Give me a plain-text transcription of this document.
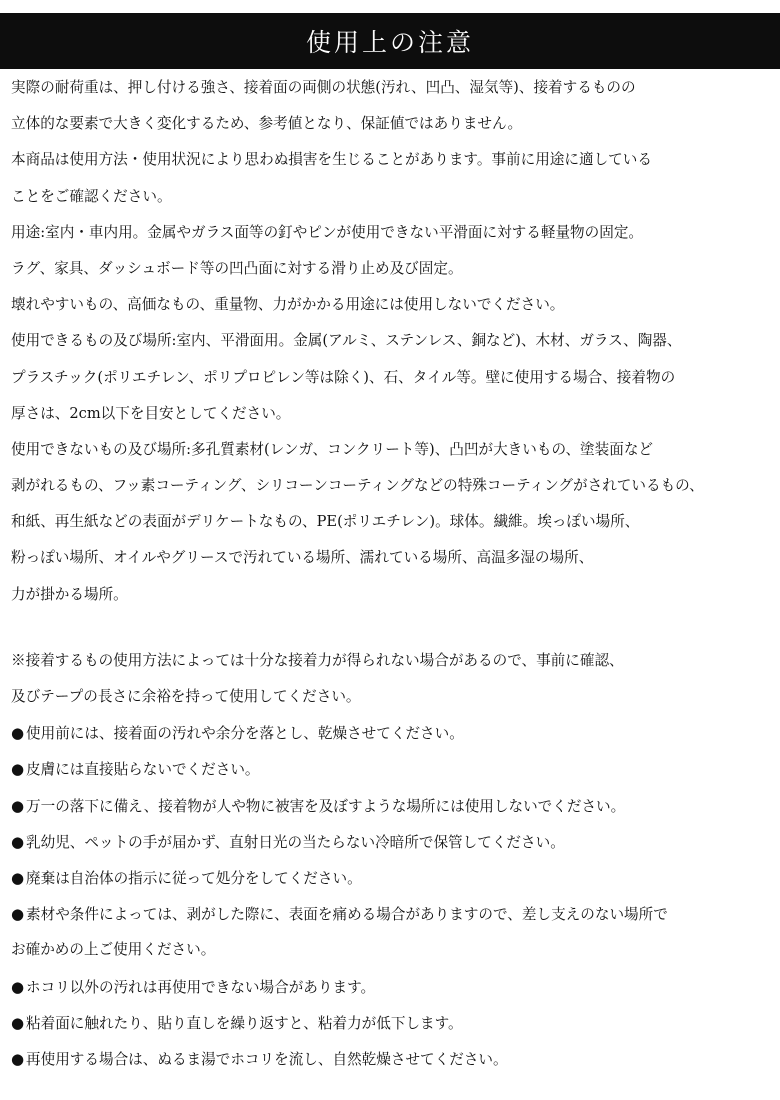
使用上の注意
実際の耐荷重は、押し付ける強さ、接着面の両側の状態(汚れ、凹凸、湿気等)、接着するものの
立体的な要素で大きく変化するため、参考値となり、保証値ではありません。
本商品は使用方法・使用状況により思わぬ損害を生じることがあります。事前に用途に適している
ことをご確認ください。
用途:室内・車内用。金属やガラス面等の釘やピンが使用できない平滑面に対する軽量物の固定。
ラグ、家具、ダッシュボード等の凹凸面に対する滑り止め及び固定。
壊れやすいもの、高価なもの、重量物、力がかかる用途には使用しないでください。
使用できるもの及び場所:室内、平滑面用。金属(アルミ、ステンレス、銅など)、木材、ガラス、陶器、
プラスチック(ポリエチレン、ポリプロピレン等は除く)、石、タイル等。壁に使用する場合、接着物の
厚さは、2cm以下を目安としてください。
使用できないもの及び場所:多孔質素材(レンガ、コンクリート等)、凸凹が大きいもの、塗装面など
剥がれるもの、フッ素コーティング、シリコーンコーティングなどの特殊コーティングがされているもの、
和紙、再生紙などの表面がデリケートなもの、PE(ポリエチレン)。球体。繊維。埃っぽい場所、
粉っぽい場所、オイルやグリースで汚れている場所、濡れている場所、高温多湿の場所、
力が掛かる場所。
※接着するもの使用方法によっては十分な接着力が得られない場合があるので、事前に確認、
及びテープの長さに余裕を持って使用してください。
● 使用前には、接着面の汚れや余分を落とし、乾燥させてください。
● 皮膚には直接貼らないでください。
● 万一の落下に備え、接着物が人や物に被害を及ぼすような場所には使用しないでください。
● 乳幼児、ペットの手が届かず、直射日光の当たらない冷暗所で保管してください。
● 廃棄は自治体の指示に従って処分をしてください。
● 素材や条件によっては、剥がした際に、表面を痛める場合がありますので、差し支えのない場所で
お確かめの上ご使用ください。
● ホコリ以外の汚れは再使用できない場合があります。
● 粘着面に触れたり、貼り直しを繰り返すと、粘着力が低下します。
● 再使用する場合は、ぬるま湯でホコリを流し、自然乾燥させてください。
